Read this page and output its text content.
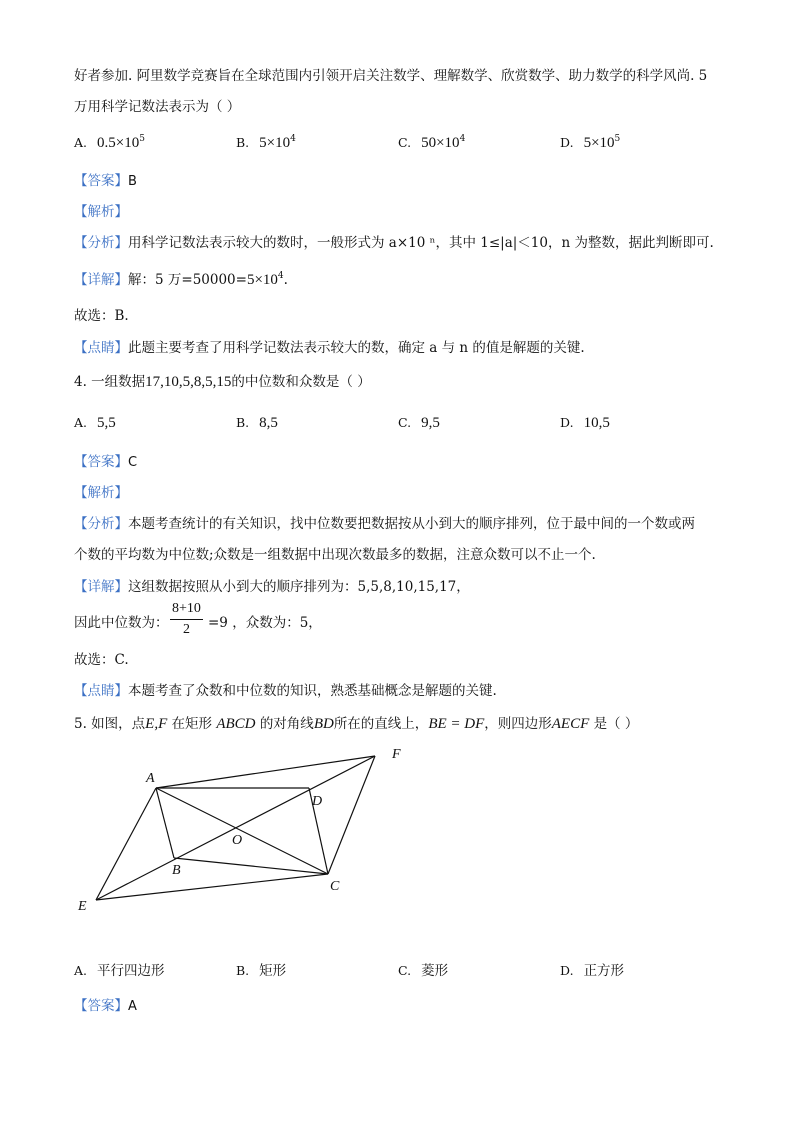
好者参加. 阿里数学竞赛旨在全球范围内引领开启关注数学、理解数学、欣赏数学、助力数学的科学风尚. 5
万用科学记数法表示为（ ）
A. $0.5\times 10^5$	B. $5\times 10^4$	C. $50\times 10^4$	D. $5\times 10^5$
【答案】B
【解析】
【分析】用科学记数法表示较大的数时，一般形式为 a×10 ⁿ，其中 1≤|a|＜10，n 为整数，据此判断即可.
【详解】解：5 万$=50000=5\times 10^4$.
故选：B.
【点睛】此题主要考查了用科学记数法表示较大的数，确定 a 与 n 的值是解题的关键.
4. 一组数据17,10,5,8,5,15的中位数和众数是（ ）
A. 5,5	B. 8,5	C. 9,5	D. 10,5
【答案】C
【解析】
【分析】本题考查统计的有关知识，找中位数要把数据按从小到大的顺序排列，位于最中间的一个数或两
个数的平均数为中位数;众数是一组数据中出现次数最多的数据，注意众数可以不止一个.
【详解】这组数据按照从小到大的顺序排列为：5,5,8,10,15,17，
因此中位数为： $\frac{8+10}{2} =9$ ，众数为：5，
故选：C.
【点睛】本题考查了众数和中位数的知识，熟悉基础概念是解题的关键.
5. 如图，点E,F 在矩形 ABCD 的对角线BD所在的直线上，BE = DF，则四边形AECF 是（ ）
A
B
C
D
E
F
O
A. 平行四边形	B. 矩形	C. 菱形	D. 正方形
【答案】A
